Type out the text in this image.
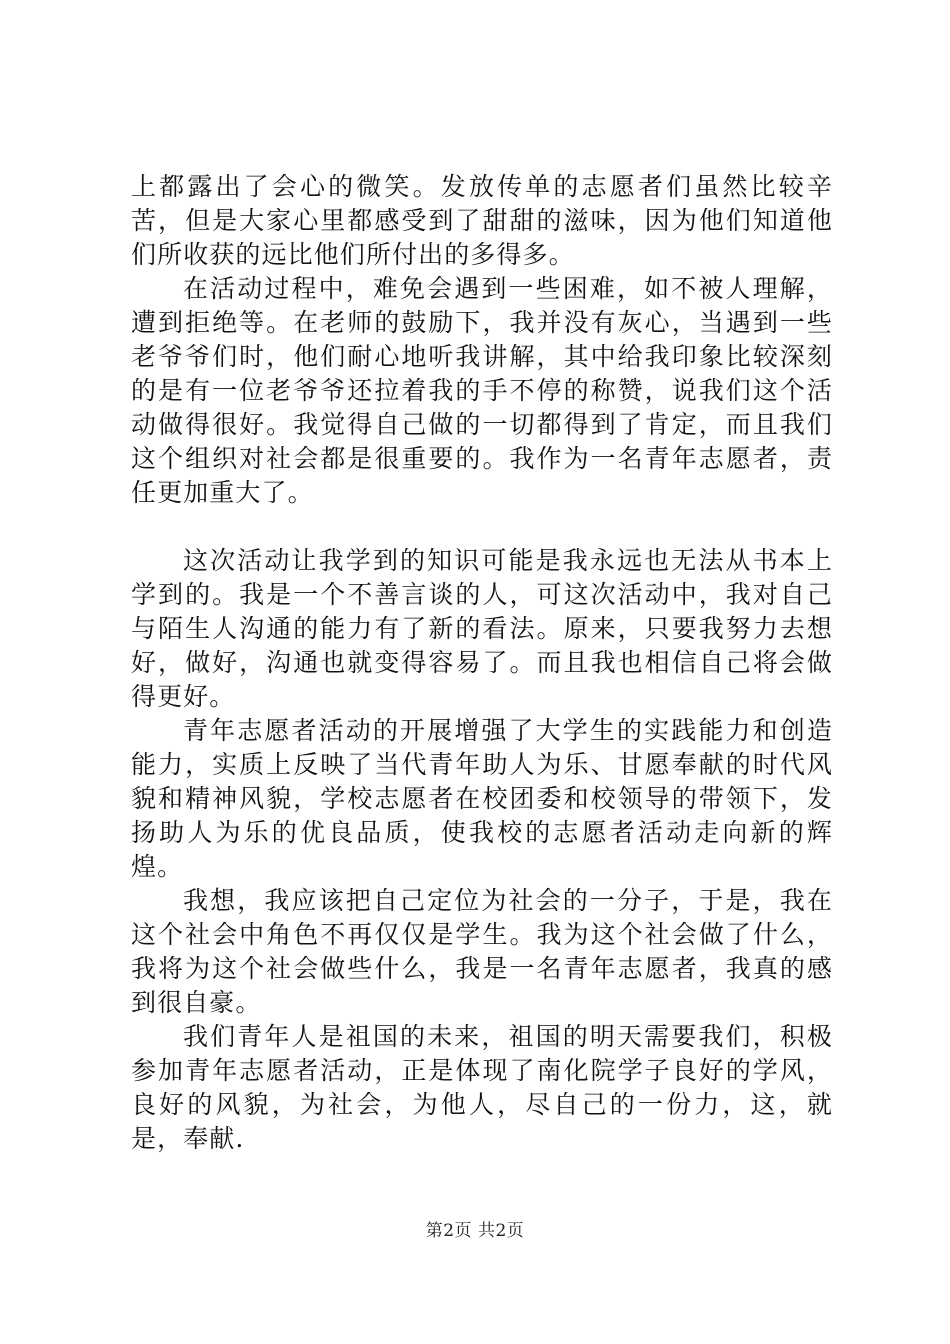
上都露出了会心的微笑。发放传单的志愿者们虽然比较辛苦，但是大家心里都感受到了甜甜的滋味，因为他们知道他们所收获的远比他们所付出的多得多。

在活动过程中，难免会遇到一些困难，如不被人理解，遭到拒绝等。在老师的鼓励下，我并没有灰心，当遇到一些老爷爷们时，他们耐心地听我讲解，其中给我印象比较深刻的是有一位老爷爷还拉着我的手不停的称赞，说我们这个活动做得很好。我觉得自己做的一切都得到了肯定，而且我们这个组织对社会都是很重要的。我作为一名青年志愿者，责任更加重大了。

这次活动让我学到的知识可能是我永远也无法从书本上学到的。我是一个不善言谈的人，可这次活动中，我对自己与陌生人沟通的能力有了新的看法。原来，只要我努力去想好，做好，沟通也就变得容易了。而且我也相信自己将会做得更好。

青年志愿者活动的开展增强了大学生的实践能力和创造能力，实质上反映了当代青年助人为乐、甘愿奉献的时代风貌和精神风貌，学校志愿者在校团委和校领导的带领下，发扬助人为乐的优良品质，使我校的志愿者活动走向新的辉煌。

我想，我应该把自己定位为社会的一分子，于是，我在这个社会中角色不再仅仅是学生。我为这个社会做了什么，我将为这个社会做些什么，我是一名青年志愿者，我真的感到很自豪。

我们青年人是祖国的未来，祖国的明天需要我们，积极参加青年志愿者活动，正是体现了南化院学子良好的学风，良好的风貌，为社会，为他人，尽自己的一份力，这，就是，奉献.

第2页 共2页
